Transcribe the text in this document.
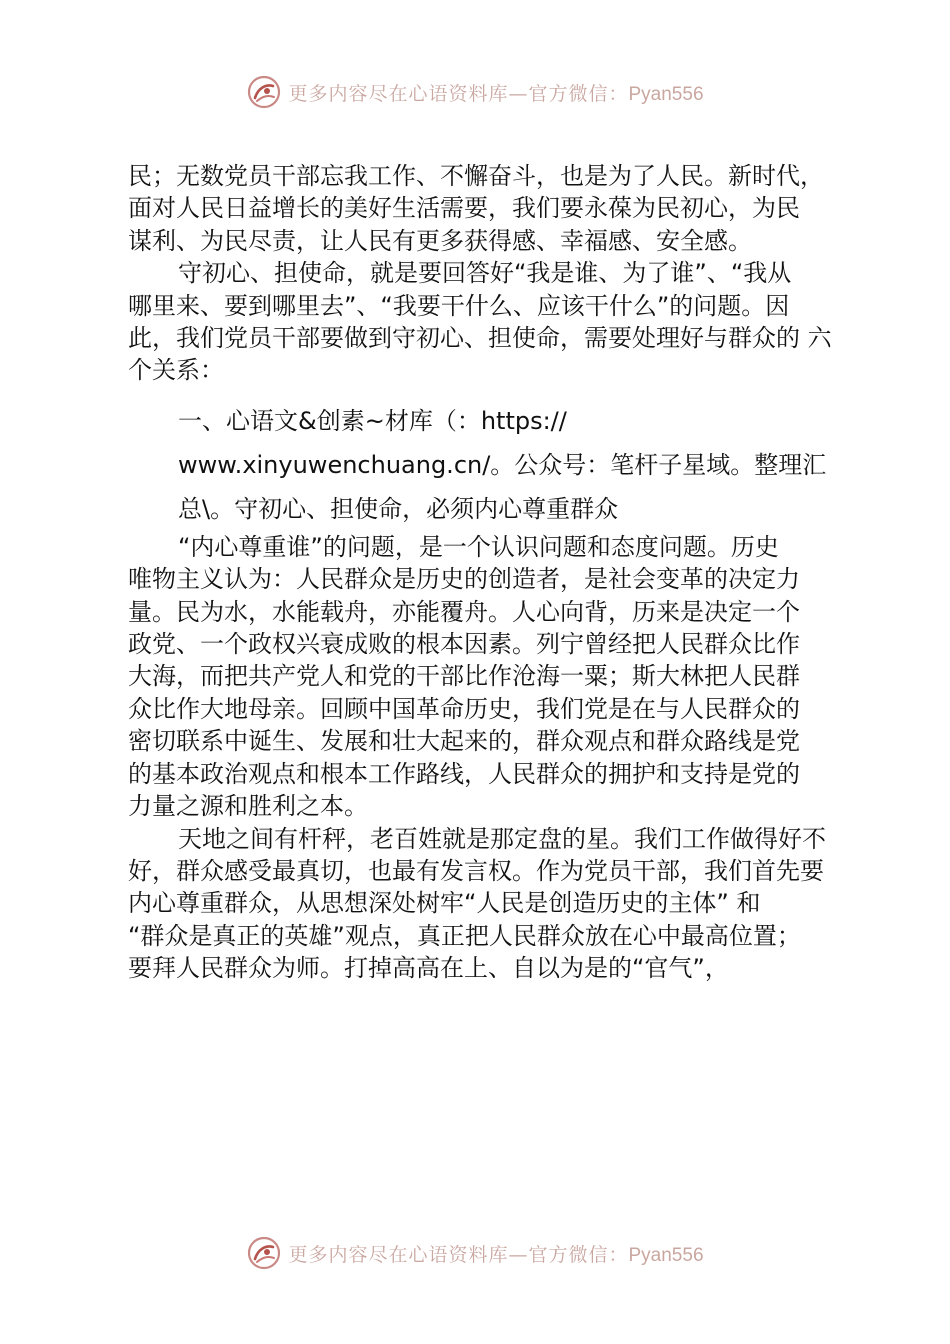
更多内容尽在心语资料库—官方微信：Pyan556
民；无数党员干部忘我工作、不懈奋斗，也是为了人民。新时代，
面对人民日益增长的美好生活需要，我们要永葆为民初心，为民
谋利、为民尽责，让人民有更多获得感、幸福感、安全感。
守初心、担使命，就是要回答好“我是谁、为了谁”、“我从
哪里来、要到哪里去”、“我要干什么、应该干什么”的问题。因
此，我们党员干部要做到守初心、担使命，需要处理好与群众的 六
个关系：
一、心语文&创素~材库（：https://
www.xinyuwenchuang.cn/。公众号：笔杆子星域。整理汇
总\。守初心、担使命，必须内心尊重群众
“内心尊重谁”的问题，是一个认识问题和态度问题。历史
唯物主义认为：人民群众是历史的创造者，是社会变革的决定力
量。民为水，水能载舟，亦能覆舟。人心向背，历来是决定一个
政党、一个政权兴衰成败的根本因素。列宁曾经把人民群众比作
大海，而把共产党人和党的干部比作沧海一粟；斯大林把人民群
众比作大地母亲。回顾中国革命历史，我们党是在与人民群众的
密切联系中诞生、发展和壮大起来的，群众观点和群众路线是党
的基本政治观点和根本工作路线，人民群众的拥护和支持是党的
力量之源和胜利之本。
天地之间有杆秤，老百姓就是那定盘的星。我们工作做得好不
好，群众感受最真切，也最有发言权。作为党员干部，我们首先要
内心尊重群众，从思想深处树牢“人民是创造历史的主体” 和
“群众是真正的英雄”观点，真正把人民群众放在心中最高位置；
要拜人民群众为师。打掉高高在上、自以为是的“官气”，
更多内容尽在心语资料库—官方微信：Pyan556
